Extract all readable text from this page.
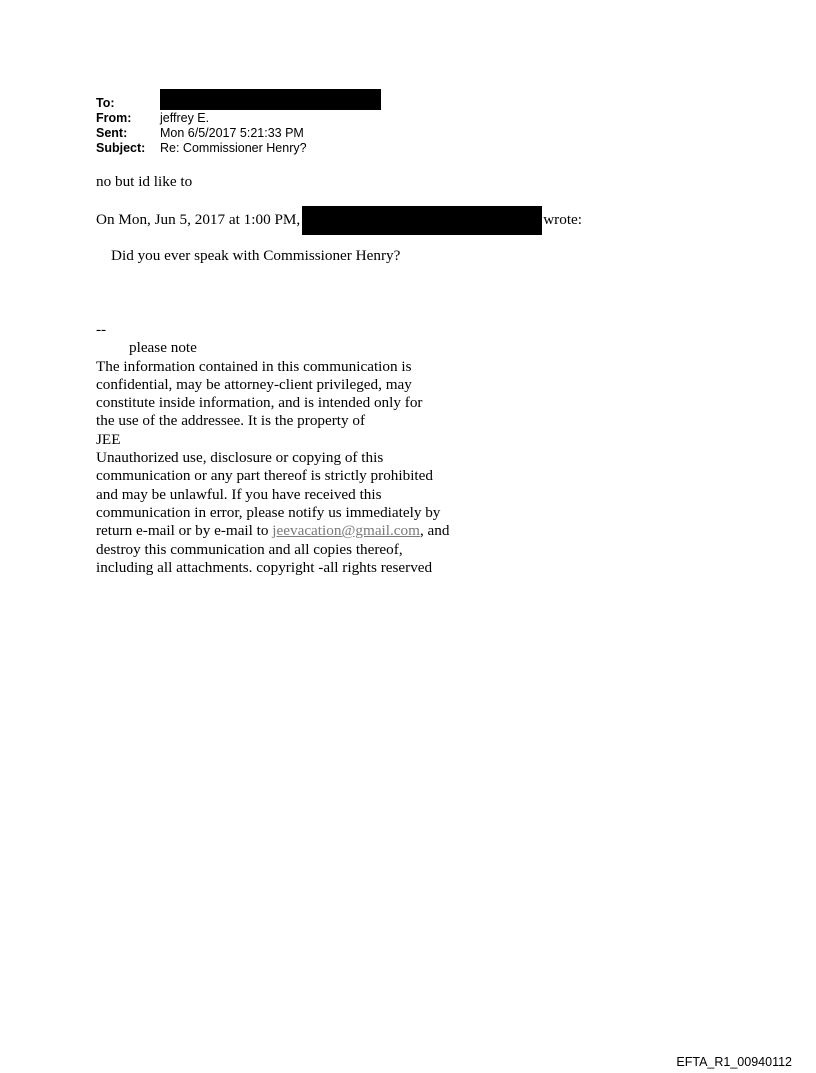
To:
From:	jeffrey E.
Sent:	Mon 6/5/2017 5:21:33 PM
Subject:	Re: Commissioner Henry?
no but id like to
On Mon, Jun 5, 2017 at 1:00 PM,	wrote:
Did you ever speak with Commissioner Henry?
--
please note
The information contained in this communication is
confidential, may be attorney-client privileged, may
constitute inside information, and is intended only for
the use of the addressee. It is the property of
JEE
Unauthorized use, disclosure or copying of this
communication or any part thereof is strictly prohibited
and may be unlawful. If you have received this
communication in error, please notify us immediately by
return e-mail or by e-mail to jeevacation@gmail.com, and
destroy this communication and all copies thereof,
including all attachments. copyright -all rights reserved
EFTA_R1_00940112
